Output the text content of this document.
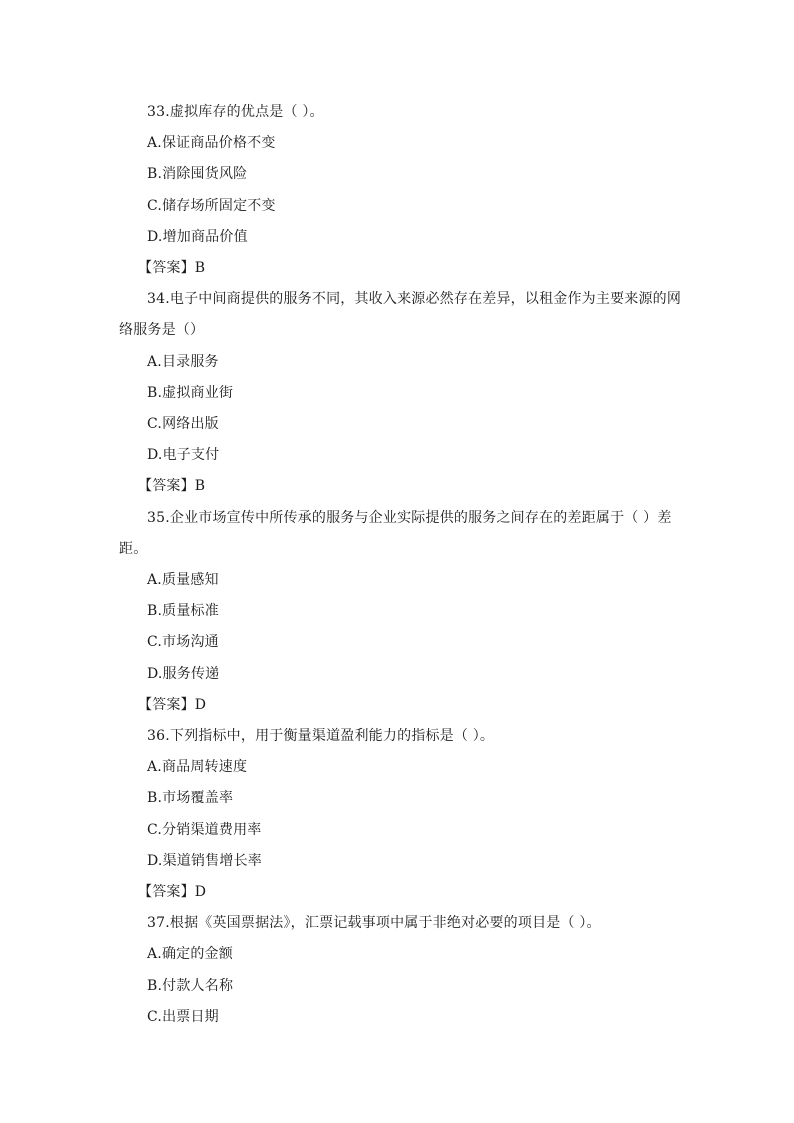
33.虚拟库存的优点是（ ）。
A.保证商品价格不变
B.消除囤货风险
C.储存场所固定不变
D.增加商品价值
【答案】B
34.电子中间商提供的服务不同，其收入来源必然存在差异，以租金作为主要来源的网
络服务是（）
A.目录服务
B.虚拟商业街
C.网络出版
D.电子支付
【答案】B
35.企业市场宣传中所传承的服务与企业实际提供的服务之间存在的差距属于（ ）差
距。
A.质量感知
B.质量标准
C.市场沟通
D.服务传递
【答案】D
36.下列指标中，用于衡量渠道盈利能力的指标是（ ）。
A.商品周转速度
B.市场覆盖率
C.分销渠道费用率
D.渠道销售增长率
【答案】D
37.根据《英国票据法》，汇票记载事项中属于非绝对必要的项目是（ ）。
A.确定的金额
B.付款人名称
C.出票日期
